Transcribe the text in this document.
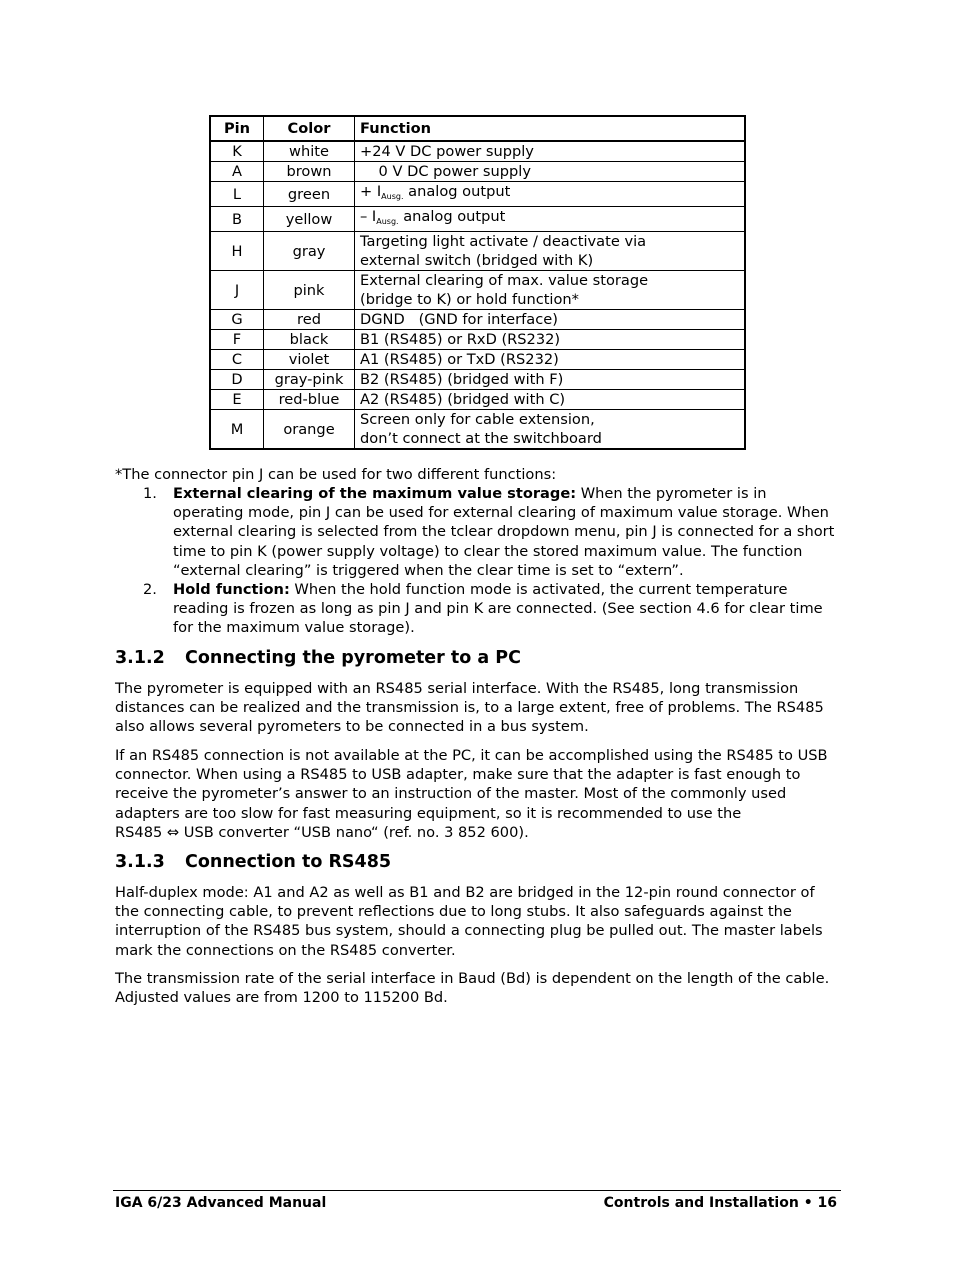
Pin	Color	Function
K	white	+24 V DC power supply

A	brown	0 V DC power supply

L	green	+ $I_{Ausg.}$ analog output

B	yellow	– $I_{Ausg.}$ analog output

H	gray	Targeting light activate / deactivate via
external switch (bridged with K)

J	pink	External clearing of max. value storage
(bridge to K) or hold function*

G	red	DGND   (GND for interface)

F	black	B1 (RS485) or RxD (RS232)

C	violet	A1 (RS485) or TxD (RS232)

D	gray-pink	B2 (RS485) (bridged with F)

E	red-blue	A2 (RS485) (bridged with C)

M	orange	Screen only for cable extension,
don’t connect at the switchboard
*The connector pin J can be used for two different functions:
1. External clearing of the maximum value storage: When the pyrometer is in operating mode, pin J can be used for external clearing of maximum value storage. When external clearing is selected from the tclear dropdown menu, pin J is connected for a short time to pin K (power supply voltage) to clear the stored maximum value. The function “external clearing” is triggered when the clear time is set to “extern”.
2. Hold function: When the hold function mode is activated, the current temperature reading is frozen as long as pin J and pin K are connected. (See section 4.6 for clear time for the maximum value storage).
3.1.2 Connecting the pyrometer to a PC
The pyrometer is equipped with an RS485 serial interface. With the RS485, long transmission distances can be realized and the transmission is, to a large extent, free of problems. The RS485 also allows several pyrometers to be connected in a bus system.
If an RS485 connection is not available at the PC, it can be accomplished using the RS485 to USB connector. When using a RS485 to USB adapter, make sure that the adapter is fast enough to receive the pyrometer’s answer to an instruction of the master. Most of the commonly used adapters are too slow for fast measuring equipment, so it is recommended to use the
RS485 ⇔ USB converter “USB nano“ (ref. no. 3 852 600).
3.1.3 Connection to RS485
Half-duplex mode: A1 and A2 as well as B1 and B2 are bridged in the 12-pin round connector of the connecting cable, to prevent reflections due to long stubs. It also safeguards against the interruption of the RS485 bus system, should a connecting plug be pulled out. The master labels mark the connections on the RS485 converter.
The transmission rate of the serial interface in Baud (Bd) is dependent on the length of the cable. Adjusted values are from 1200 to 115200 Bd.
IGA 6/23 Advanced Manual	Controls and Installation • 16
